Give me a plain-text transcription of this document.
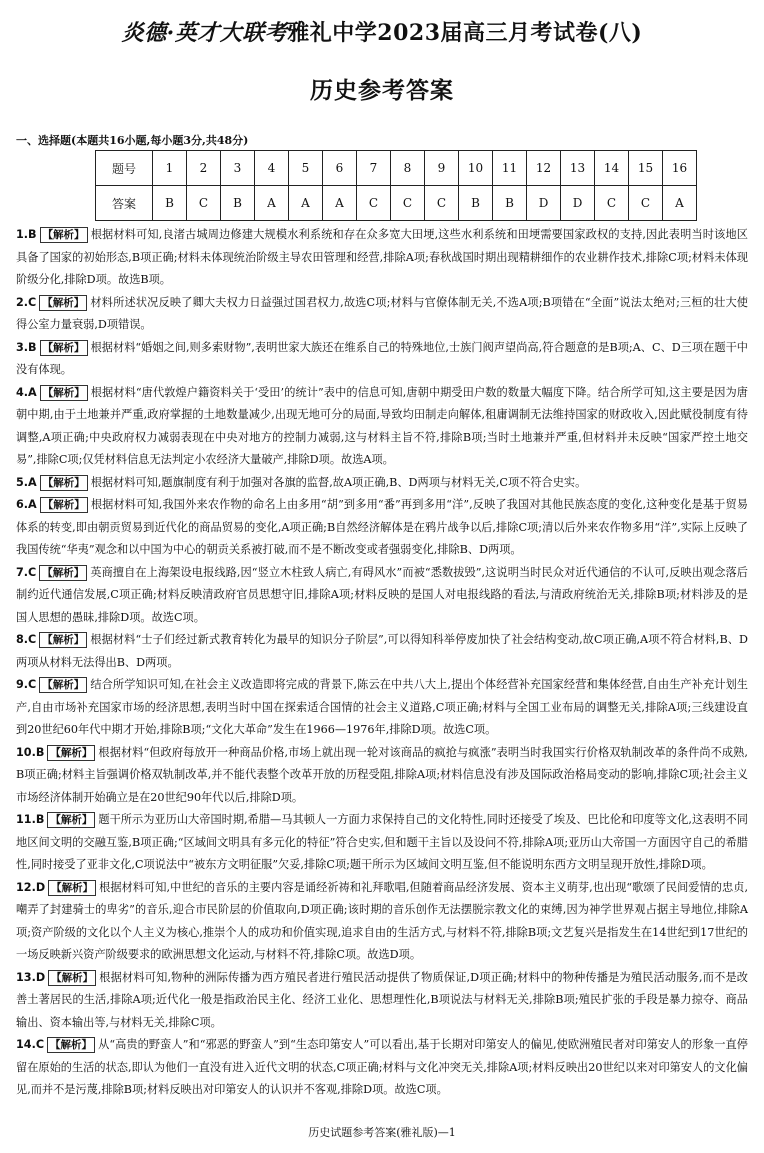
炎德·英才大联考雅礼中学2023届高三月考试卷(八)
历史参考答案
一、选择题(本题共16小题,每小题3分,共48分)
题号	1	2	3	4	5	6	7	8	9	10	11	12	13	14	15	16
答案	B	C	B	A	A	A	C	C	C	B	B	D	D	C	C	A

1.B 【解析】 根据材料可知,良渚古城周边修建大规模水利系统和存在众多宽大田埂,这些水利系统和田埂需要国家政权的支持,因此表明当时该地区具备了国家的初始形态,B项正确;材料未体现统治阶级主导农田管理和经营,排除A项;春秋战国时期出现精耕细作的农业耕作技术,排除C项;材料未体现阶级分化,排除D项。故选B项。

2.C 【解析】 材料所述状况反映了卿大夫权力日益强过国君权力,故选C项;材料与官僚体制无关,不选A项;B项错在“全面”说法太绝对;三桓的壮大使得公室力量衰弱,D项错误。

3.B 【解析】 根据材料“婚姻之间,则多索财物”,表明世家大族还在维系自己的特殊地位,士族门阀声望尚高,符合题意的是B项;A、C、D三项在题干中没有体现。

4.A 【解析】 根据材料“唐代敦煌户籍资料关于‘受田’的统计”表中的信息可知,唐朝中期受田户数的数量大幅度下降。结合所学可知,这主要是因为唐朝中期,由于土地兼并严重,政府掌握的土地数量减少,出现无地可分的局面,导致均田制走向解体,租庸调制无法维持国家的财政收入,因此赋役制度有待调整,A项正确;中央政府权力减弱表现在中央对地方的控制力减弱,这与材料主旨不符,排除B项;当时土地兼并严重,但材料并未反映“国家严控土地交易”,排除C项;仅凭材料信息无法判定小农经济大量破产,排除D项。故选A项。

5.A 【解析】 根据材料可知,题旗制度有利于加强对各旗的监督,故A项正确,B、D两项与材料无关,C项不符合史实。

6.A 【解析】 根据材料可知,我国外来农作物的命名上由多用“胡”到多用“番”再到多用“洋”,反映了我国对其他民族态度的变化,这种变化是基于贸易体系的转变,即由朝贡贸易到近代化的商品贸易的变化,A项正确;B自然经济解体是在鸦片战争以后,排除C项;清以后外来农作物多用“洋”,实际上反映了我国传统“华夷”观念和以中国为中心的朝贡关系被打破,而不是不断改变或者强弱变化,排除B、D两项。

7.C 【解析】 英商擅自在上海架设电报线路,因“竖立木柱致人病亡,有碍风水”而被“悉数拔毁”,这说明当时民众对近代通信的不认可,反映出观念落后制约近代通信发展,C项正确;材料反映清政府官员思想守旧,排除A项;材料反映的是国人对电报线路的看法,与清政府统治无关,排除B项;材料涉及的是国人思想的愚昧,排除D项。故选C项。

8.C 【解析】 根据材料“士子们经过新式教育转化为最早的知识分子阶层”,可以得知科举停废加快了社会结构变动,故C项正确,A项不符合材料,B、D两项从材料无法得出B、D两项。

9.C 【解析】 结合所学知识可知,在社会主义改造即将完成的背景下,陈云在中共八大上,提出个体经营补充国家经营和集体经营,自由生产补充计划生产,自由市场补充国家市场的经济思想,表明当时中国在探索适合国情的社会主义道路,C项正确;材料与全国工业布局的调整无关,排除A项;三线建设直到20世纪60年代中期才开始,排除B项;“文化大革命”发生在1966—1976年,排除D项。故选C项。

10.B 【解析】 根据材料“但政府每放开一种商品价格,市场上就出现一轮对该商品的疯抢与疯涨”表明当时我国实行价格双轨制改革的条件尚不成熟,B项正确;材料主旨强调价格双轨制改革,并不能代表整个改革开放的历程受阻,排除A项;材料信息没有涉及国际政治格局变动的影响,排除C项;社会主义市场经济体制开始确立是在20世纪90年代以后,排除D项。

11.B 【解析】 题干所示为亚历山大帝国时期,希腊—马其顿人一方面力求保持自己的文化特性,同时还接受了埃及、巴比伦和印度等文化,这表明不同地区间文明的交融互鉴,B项正确;“区域间文明具有多元化的特征”符合史实,但和题干主旨以及设问不符,排除A项;亚历山大帝国一方面因守自己的希腊性,同时接受了亚非文化,C项说法中“被东方文明征服”欠妥,排除C项;题干所示为区域间文明互鉴,但不能说明东西方文明呈现开放性,排除D项。

12.D 【解析】 根据材料可知,中世纪的音乐的主要内容是诵经祈祷和礼拜歌唱,但随着商品经济发展、资本主义萌芽,也出现“歌颂了民间爱情的忠贞,嘲弄了封建骑士的卑劣”的音乐,迎合市民阶层的价值取向,D项正确;该时期的音乐创作无法摆脱宗教文化的束缚,因为神学世界观占据主导地位,排除A项;资产阶级的文化以个人主义为核心,推崇个人的成功和价值实现,追求自由的生活方式,与材料不符,排除B项;文艺复兴是指发生在14世纪到17世纪的一场反映新兴资产阶级要求的欧洲思想文化运动,与材料不符,排除C项。故选D项。

13.D 【解析】 根据材料可知,物种的洲际传播为西方殖民者进行殖民活动提供了物质保证,D项正确;材料中的物种传播是为殖民活动服务,而不是改善土著居民的生活,排除A项;近代化一般是指政治民主化、经济工业化、思想理性化,B项说法与材料无关,排除B项;殖民扩张的手段是暴力掠夺、商品输出、资本输出等,与材料无关,排除C项。

14.C 【解析】 从“高贵的野蛮人”和“邪恶的野蛮人”到“生态印第安人”可以看出,基于长期对印第安人的偏见,使欧洲殖民者对印第安人的形象一直停留在原始的生活的状态,即认为他们一直没有进入近代文明的状态,C项正确;材料与文化冲突无关,排除A项;材料反映出20世纪以来对印第安人的文化偏见,而并不是污蔑,排除B项;材料反映出对印第安人的认识并不客观,排除D项。故选C项。

历史试题参考答案(雅礼版)—1
